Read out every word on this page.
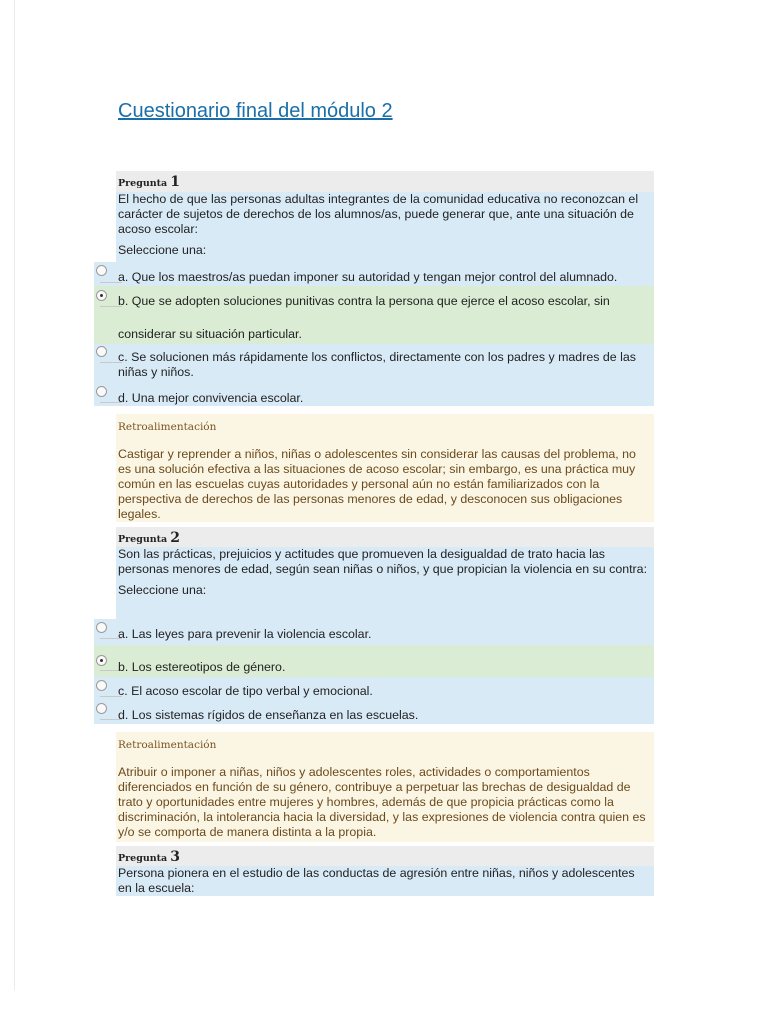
Cuestionario final del módulo 2
Pregunta 1

El hecho de que las personas adultas integrantes de la comunidad educativa no reconozcan el carácter de sujetos de derechos de los alumnos/as, puede generar que, ante una situación de acoso escolar:

Seleccione una:

a. Que los maestros/as puedan imponer su autoridad y tengan mejor control del alumnado.
b. Que se adopten soluciones punitivas contra la persona que ejerce el acoso escolar, sin
considerar su situación particular.
c. Se solucionen más rápidamente los conflictos, directamente con los padres y madres de las niñas y niños.
d. Una mejor convivencia escolar.
Retroalimentación

Castigar y reprender a niños, niñas o adolescentes sin considerar las causas del problema, no es una solución efectiva a las situaciones de acoso escolar; sin embargo, es una práctica muy común en las escuelas cuyas autoridades y personal aún no están familiarizados con la perspectiva de derechos de las personas menores de edad, y desconocen sus obligaciones legales.

Pregunta 2

Son las prácticas, prejuicios y actitudes que promueven la desigualdad de trato hacia las personas menores de edad, según sean niñas o niños, y que propician la violencia en su contra:

Seleccione una:

a. Las leyes para prevenir la violencia escolar.
b. Los estereotipos de género.
c. El acoso escolar de tipo verbal y emocional.
d. Los sistemas rígidos de enseñanza en las escuelas.
Retroalimentación

Atribuir o imponer a niñas, niños y adolescentes roles, actividades o comportamientos diferenciados en función de su género, contribuye a perpetuar las brechas de desigualdad de trato y oportunidades entre mujeres y hombres, además de que propicia prácticas como la discriminación, la intolerancia hacia la diversidad, y las expresiones de violencia contra quien es y/o se comporta de manera distinta a la propia.

Pregunta 3

Persona pionera en el estudio de las conductas de agresión entre niñas, niños y adolescentes en la escuela:
